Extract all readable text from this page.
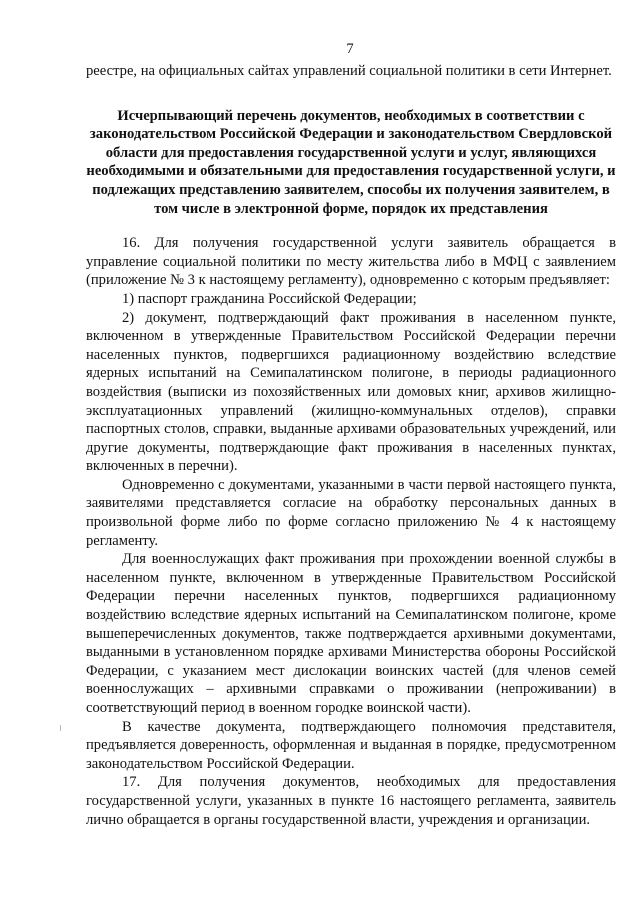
7

реестре, на официальных сайтах управлений социальной политики в сети Интернет.

Исчерпывающий перечень документов, необходимых в соответствии с законодательством Российской Федерации и законодательством Свердловской области для предоставления государственной услуги и услуг, являющихся необходимыми и обязательными для предоставления государственной услуги, и подлежащих представлению заявителем, способы их получения заявителем, в том числе в электронной форме, порядок их представления

16. Для получения государственной услуги заявитель обращается в управление социальной политики по месту жительства либо в МФЦ с заявлением (приложение № 3 к настоящему регламенту), одновременно с которым предъявляет:

1) паспорт гражданина Российской Федерации;

2) документ, подтверждающий факт проживания в населенном пункте, включенном в утвержденные Правительством Российской Федерации перечни населенных пунктов, подвергшихся радиационному воздействию вследствие ядерных испытаний на Семипалатинском полигоне, в периоды радиационного воздействия (выписки из похозяйственных или домовых книг, архивов жилищно-эксплуатационных управлений (жилищно-коммунальных отделов), справки паспортных столов, справки, выданные архивами образовательных учреждений, или другие документы, подтверждающие факт проживания в населенных пунктах, включенных в перечни).

Одновременно с документами, указанными в части первой настоящего пункта, заявителями представляется согласие на обработку персональных данных в произвольной форме либо по форме согласно приложению № 4 к настоящему регламенту.

Для военнослужащих факт проживания при прохождении военной службы в населенном пункте, включенном в утвержденные Правительством Российской Федерации перечни населенных пунктов, подвергшихся радиационному воздействию вследствие ядерных испытаний на Семипалатинском полигоне, кроме вышеперечисленных документов, также подтверждается архивными документами, выданными в установленном порядке архивами Министерства обороны Российской Федерации, с указанием мест дислокации воинских частей (для членов семей военнослужащих – архивными справками о проживании (непроживании) в соответствующий период в военном городке воинской части).

В качестве документа, подтверждающего полномочия представителя, предъявляется доверенность, оформленная и выданная в порядке, предусмотренном законодательством Российской Федерации.

17. Для получения документов, необходимых для предоставления государственной услуги, указанных в пункте 16 настоящего регламента, заявитель лично обращается в органы государственной власти, учреждения и организации.
